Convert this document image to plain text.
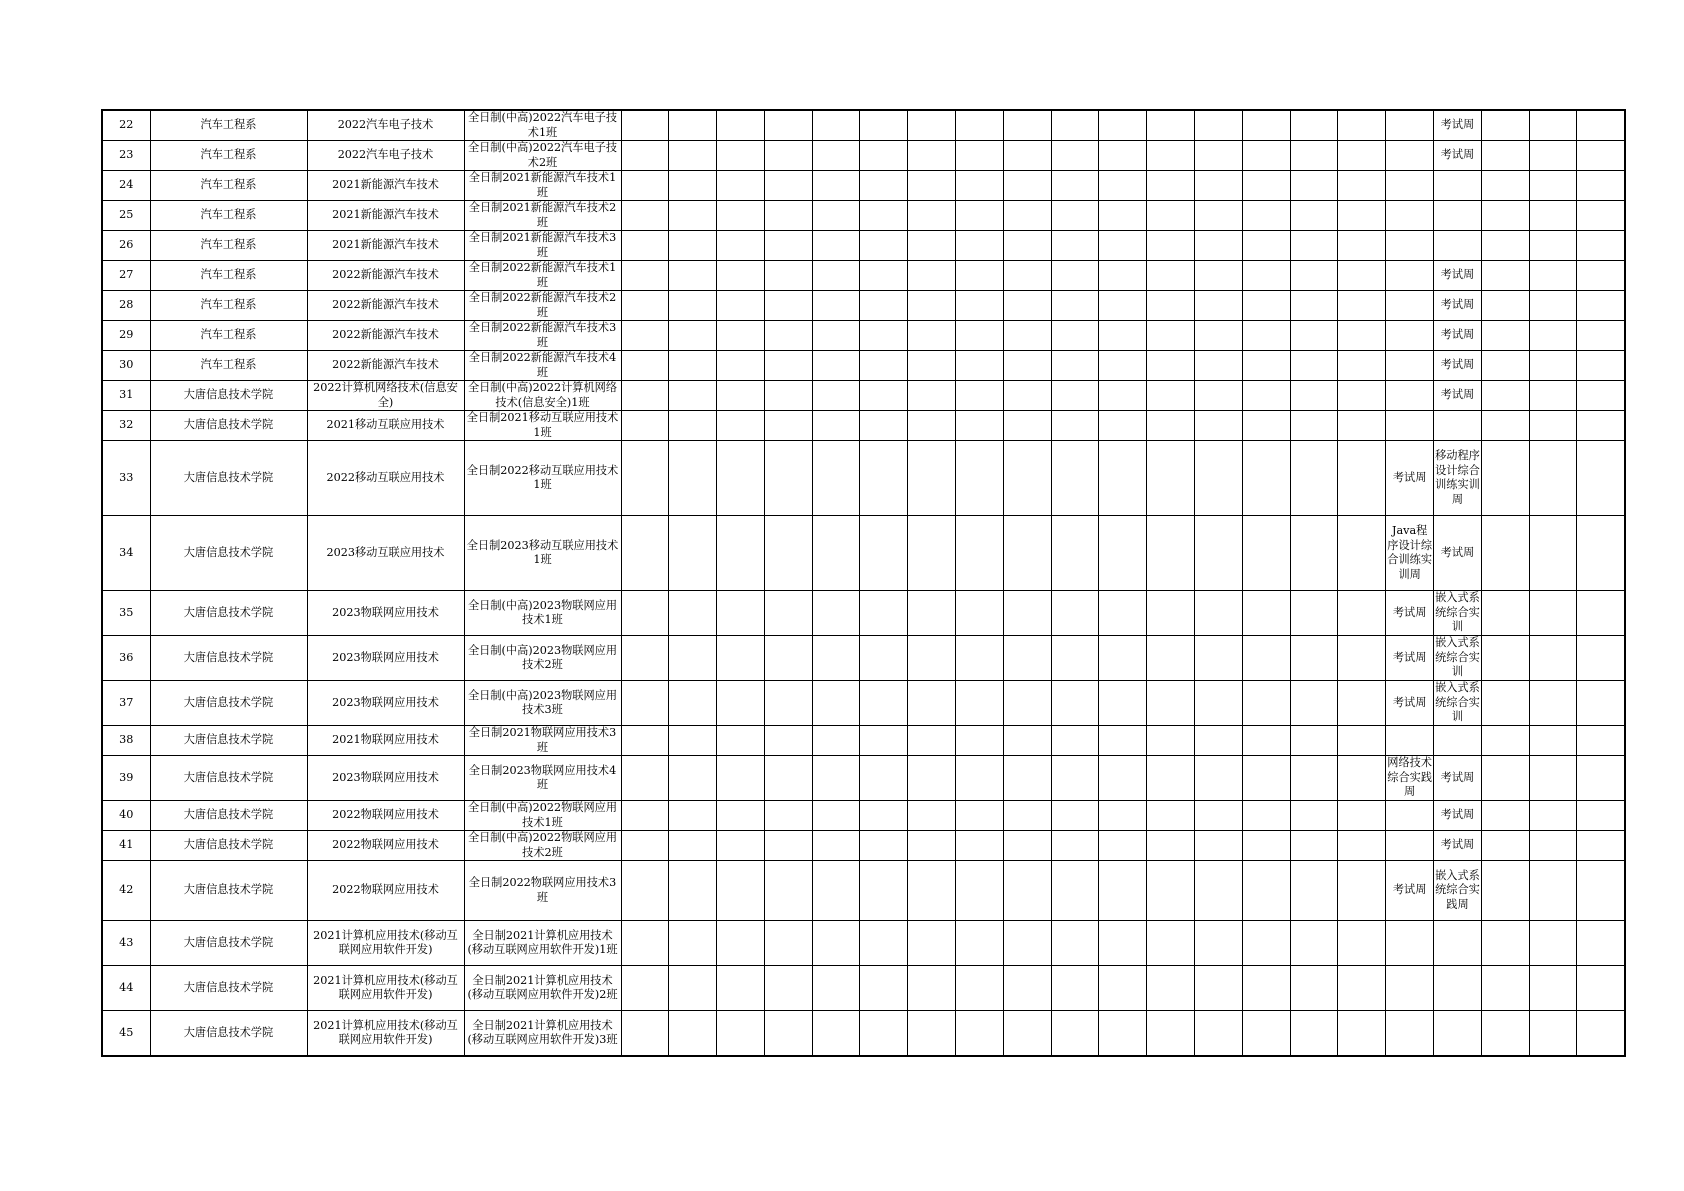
22	汽车工程系	2022汽车电子技术	全日制(中高)2022汽车电子技术1班																		考试周			
23	汽车工程系	2022汽车电子技术	全日制(中高)2022汽车电子技术2班																		考试周			
24	汽车工程系	2021新能源汽车技术	全日制2021新能源汽车技术1班																					
25	汽车工程系	2021新能源汽车技术	全日制2021新能源汽车技术2班																					
26	汽车工程系	2021新能源汽车技术	全日制2021新能源汽车技术3班																					
27	汽车工程系	2022新能源汽车技术	全日制2022新能源汽车技术1班																		考试周			
28	汽车工程系	2022新能源汽车技术	全日制2022新能源汽车技术2班																		考试周			
29	汽车工程系	2022新能源汽车技术	全日制2022新能源汽车技术3班																		考试周			
30	汽车工程系	2022新能源汽车技术	全日制2022新能源汽车技术4班																		考试周			
31	大唐信息技术学院	2022计算机网络技术(信息安全)	全日制(中高)2022计算机网络技术(信息安全)1班																		考试周			
32	大唐信息技术学院	2021移动互联应用技术	全日制2021移动互联应用技术1班																					
33	大唐信息技术学院	2022移动互联应用技术	全日制2022移动互联应用技术1班																	考试周	移动程序设计综合训练实训周			
34	大唐信息技术学院	2023移动互联应用技术	全日制2023移动互联应用技术1班																	Java程序设计综合训练实训周	考试周			
35	大唐信息技术学院	2023物联网应用技术	全日制(中高)2023物联网应用技术1班																	考试周	嵌入式系统综合实训			
36	大唐信息技术学院	2023物联网应用技术	全日制(中高)2023物联网应用技术2班																	考试周	嵌入式系统综合实训			
37	大唐信息技术学院	2023物联网应用技术	全日制(中高)2023物联网应用技术3班																	考试周	嵌入式系统综合实训			
38	大唐信息技术学院	2021物联网应用技术	全日制2021物联网应用技术3班																					
39	大唐信息技术学院	2023物联网应用技术	全日制2023物联网应用技术4班																	网络技术综合实践周	考试周			
40	大唐信息技术学院	2022物联网应用技术	全日制(中高)2022物联网应用技术1班																		考试周			
41	大唐信息技术学院	2022物联网应用技术	全日制(中高)2022物联网应用技术2班																		考试周			
42	大唐信息技术学院	2022物联网应用技术	全日制2022物联网应用技术3班																	考试周	嵌入式系统综合实践周			
43	大唐信息技术学院	2021计算机应用技术(移动互联网应用软件开发)	全日制2021计算机应用技术(移动互联网应用软件开发)1班																					
44	大唐信息技术学院	2021计算机应用技术(移动互联网应用软件开发)	全日制2021计算机应用技术(移动互联网应用软件开发)2班																					
45	大唐信息技术学院	2021计算机应用技术(移动互联网应用软件开发)	全日制2021计算机应用技术(移动互联网应用软件开发)3班																					
